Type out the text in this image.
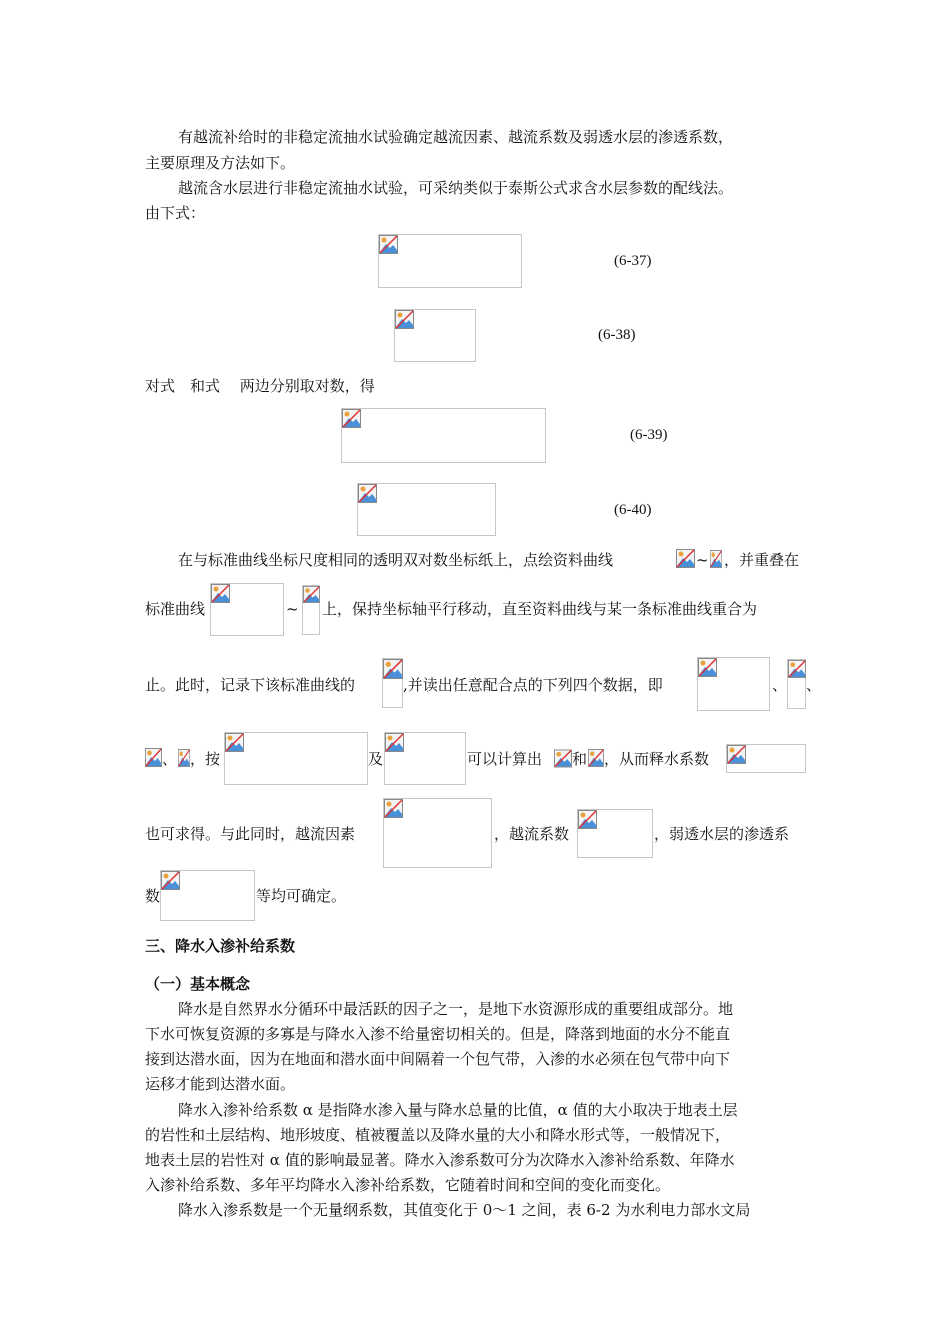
有越流补给时的非稳定流抽水试验确定越流因素、越流系数及弱透水层的渗透系数，
主要原理及方法如下。
越流含水层进行非稳定流抽水试验，可采纳类似于泰斯公式求含水层参数的配线法。
由下式：
(6-37)
(6-38)
对式　和式　 两边分别取对数，得
(6-39)
(6-40)
在与标准曲线坐标尺度相同的透明双对数坐标纸上，点绘资料曲线	~ ，并重叠在
标准曲线	~ 上，保持坐标轴平行移动，直至资料曲线与某一条标准曲线重合为
止。此时，记录下该标准曲线的	,并读出任意配合点的下列四个数据，即	、 、
、 ，按	及	可以计算出 和 ，从而释水系数
也可求得。与此同时，越流因素	，越流系数	，弱透水层的渗透系
数	等均可确定。
三、降水入渗补给系数
（一）基本概念
降水是自然界水分循环中最活跃的因子之一，是地下水资源形成的重要组成部分。地
下水可恢复资源的多寡是与降水入渗不给量密切相关的。但是，降落到地面的水分不能直
接到达潜水面，因为在地面和潜水面中间隔着一个包气带，入渗的水必须在包气带中向下
运移才能到达潜水面。
降水入渗补给系数 α 是指降水渗入量与降水总量的比值，α 值的大小取决于地表土层
的岩性和土层结构、地形坡度、植被覆盖以及降水量的大小和降水形式等，一般情况下，
地表土层的岩性对 α 值的影响最显著。降水入渗系数可分为次降水入渗补给系数、年降水
入渗补给系数、多年平均降水入渗补给系数，它随着时间和空间的变化而变化。
降水入渗系数是一个无量纲系数，其值变化于 0～1 之间，表 6-2 为水利电力部水文局
